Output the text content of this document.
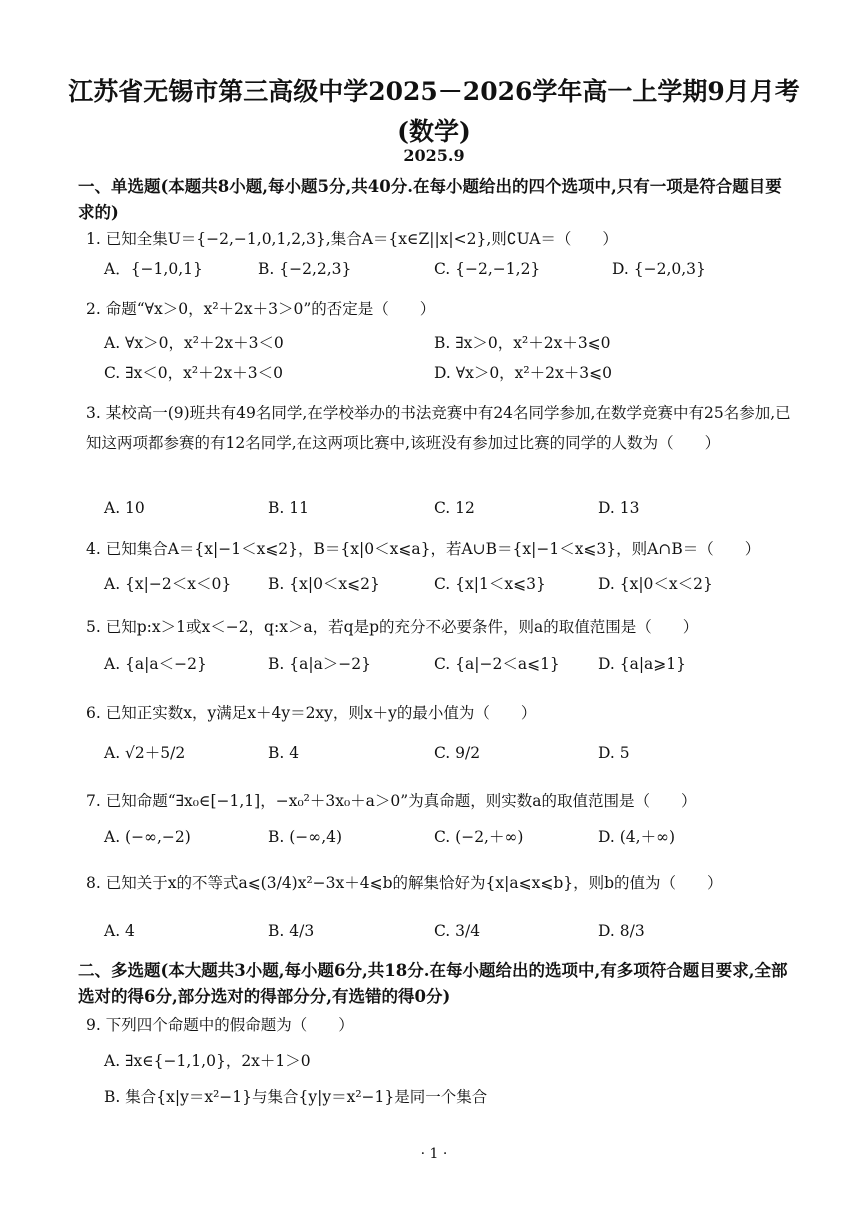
江苏省无锡市第三高级中学2025－2026学年高一上学期9月月考(数学)
2025.9
一、单选题(本题共8小题,每小题5分,共40分.在每小题给出的四个选项中,只有一项是符合题目要求的)
1. 已知全集U＝{−2,−1,0,1,2,3},集合A＝{x∈Z||x|<2},则∁UA＝（　　）
A．{−1,0,1}	B. {−2,2,3}	C. {−2,−1,2}	D. {−2,0,3}
2. 命题“∀x＞0，x²＋2x＋3＞0”的否定是（　　）
A. ∀x＞0，x²＋2x＋3＜0	B. ∃x＞0，x²＋2x＋3⩽0
C. ∃x＜0，x²＋2x＋3＜0	D. ∀x＞0，x²＋2x＋3⩽0
3. 某校高一(9)班共有49名同学,在学校举办的书法竞赛中有24名同学参加,在数学竞赛中有25名参加,已知这两项都参赛的有12名同学,在这两项比赛中,该班没有参加过比赛的同学的人数为（　　）
A. 10	B. 11	C. 12	D. 13
4. 已知集合A＝{x|−1＜x⩽2}，B＝{x|0＜x⩽a}，若A∪B＝{x|−1＜x⩽3}，则A∩B＝（　　）
A. {x|−2＜x＜0} B. {x|0＜x⩽2}	C. {x|1＜x⩽3}	D. {x|0＜x＜2}
5. 已知p:x＞1或x＜−2，q:x＞a，若q是p的充分不必要条件，则a的取值范围是（　　）
A. {a|a＜−2}	B. {a|a＞−2}	C. {a|−2＜a⩽1} D. {a|a⩾1}
6. 已知正实数x，y满足x＋4y＝2xy，则x＋y的最小值为（　　）
A. √2＋5/2	B. 4	C. 9/2	D. 5
7. 已知命题“∃x₀∈[−1,1]，−x₀²＋3x₀＋a＞0”为真命题，则实数a的取值范围是（　　）
A. (−∞,−2)	B. (−∞,4)	C. (−2,＋∞)	D. (4,＋∞)
8. 已知关于x的不等式a⩽(3/4)x²−3x＋4⩽b的解集恰好为{x|a⩽x⩽b}，则b的值为（　　）
A. 4	B. 4/3	C. 3/4	D. 8/3
二、多选题(本大题共3小题,每小题6分,共18分.在每小题给出的选项中,有多项符合题目要求,全部选对的得6分,部分选对的得部分分,有选错的得0分)
9. 下列四个命题中的假命题为（　　）
A. ∃x∈{−1,1,0}，2x＋1＞0
B. 集合{x|y＝x²−1}与集合{y|y＝x²−1}是同一个集合
· 1 ·
